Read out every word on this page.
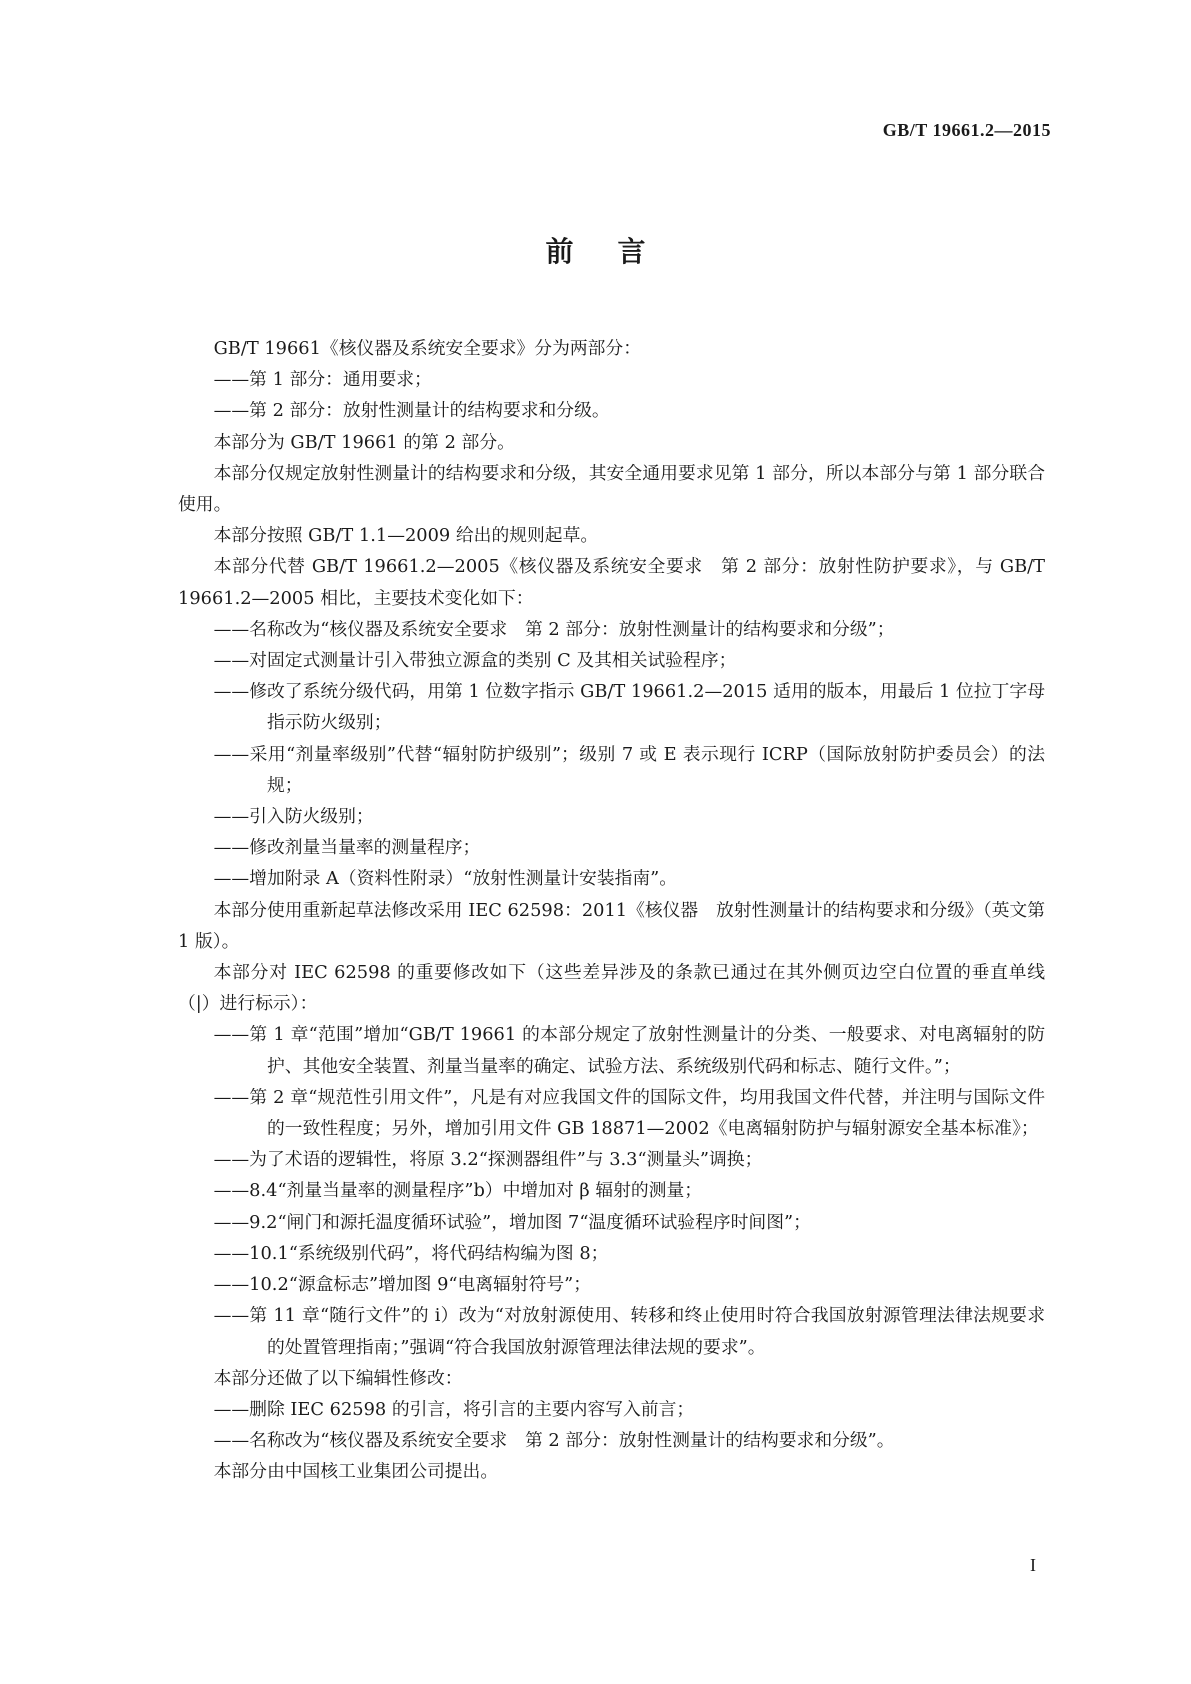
GB/T 19661.2—2015
前言

GB/T 19661《核仪器及系统安全要求》分为两部分：

——第 1 部分：通用要求；

——第 2 部分：放射性测量计的结构要求和分级。

本部分为 GB/T 19661 的第 2 部分。

本部分仅规定放射性测量计的结构要求和分级，其安全通用要求见第 1 部分，所以本部分与第 1 部分联合使用。

本部分按照 GB/T 1.1—2009 给出的规则起草。

本部分代替 GB/T 19661.2—2005《核仪器及系统安全要求　第 2 部分：放射性防护要求》，与 GB/T 19661.2—2005 相比，主要技术变化如下：

——名称改为“核仪器及系统安全要求　第 2 部分：放射性测量计的结构要求和分级”；

——对固定式测量计引入带独立源盒的类别 C 及其相关试验程序；

——修改了系统分级代码，用第 1 位数字指示 GB/T 19661.2—2015 适用的版本，用最后 1 位拉丁字母指示防火级别；

——采用“剂量率级别”代替“辐射防护级别”；级别 7 或 E 表示现行 ICRP（国际放射防护委员会）的法规；

——引入防火级别；

——修改剂量当量率的测量程序；

——增加附录 A（资料性附录）“放射性测量计安装指南”。

本部分使用重新起草法修改采用 IEC 62598：2011《核仪器　放射性测量计的结构要求和分级》（英文第 1 版）。

本部分对 IEC 62598 的重要修改如下（这些差异涉及的条款已通过在其外侧页边空白位置的垂直单线（|）进行标示）：

——第 1 章“范围”增加“GB/T 19661 的本部分规定了放射性测量计的分类、一般要求、对电离辐射的防护、其他安全装置、剂量当量率的确定、试验方法、系统级别代码和标志、随行文件。”；

——第 2 章“规范性引用文件”，凡是有对应我国文件的国际文件，均用我国文件代替，并注明与国际文件的一致性程度；另外，增加引用文件 GB 18871—2002《电离辐射防护与辐射源安全基本标准》；

——为了术语的逻辑性，将原 3.2“探测器组件”与 3.3“测量头”调换；

——8.4“剂量当量率的测量程序”b）中增加对 β 辐射的测量；

——9.2“闸门和源托温度循环试验”，增加图 7“温度循环试验程序时间图”；

——10.1“系统级别代码”，将代码结构编为图 8；

——10.2“源盒标志”增加图 9“电离辐射符号”；

——第 11 章“随行文件”的 i）改为“对放射源使用、转移和终止使用时符合我国放射源管理法律法规要求的处置管理指南；”强调“符合我国放射源管理法律法规的要求”。

本部分还做了以下编辑性修改：

——删除 IEC 62598 的引言，将引言的主要内容写入前言；

——名称改为“核仪器及系统安全要求　第 2 部分：放射性测量计的结构要求和分级”。

本部分由中国核工业集团公司提出。

I
